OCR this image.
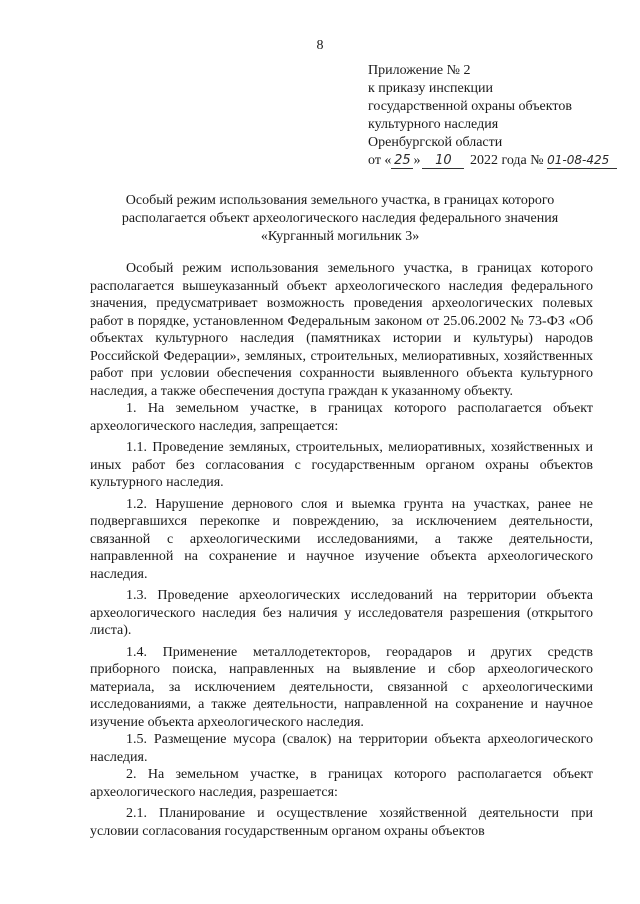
8
Приложение № 2
к приказу инспекции
государственной охраны объектов
культурного наследия
Оренбургской области
от « 25 » 10 2022 года № 01-08-425
Особый режим использования земельного участка, в границах которого располагается объект археологического наследия федерального значения «Курганный могильник 3»

Особый режим использования земельного участка, в границах которого располагается вышеуказанный объект археологического наследия федерального значения, предусматривает возможность проведения археологических полевых работ в порядке, установленном Федеральным законом от 25.06.2002 № 73-ФЗ «Об объектах культурного наследия (памятниках истории и культуры) народов Российской Федерации», земляных, строительных, мелиоративных, хозяйственных работ при условии обеспечения сохранности выявленного объекта культурного наследия, а также обеспечения доступа граждан к указанному объекту.

1. На земельном участке, в границах которого располагается объект археологического наследия, запрещается:

1.1. Проведение земляных, строительных, мелиоративных, хозяйственных и иных работ без согласования с государственным органом охраны объектов культурного наследия.

1.2. Нарушение дернового слоя и выемка грунта на участках, ранее не подвергавшихся перекопке и повреждению, за исключением деятельности, связанной с археологическими исследованиями, а также деятельности, направленной на сохранение и научное изучение объекта археологического наследия.

1.3. Проведение археологических исследований на территории объекта археологического наследия без наличия у исследователя разрешения (открытого листа).

1.4. Применение металлодетекторов, георадаров и других средств приборного поиска, направленных на выявление и сбор археологического материала, за исключением деятельности, связанной с археологическими исследованиями, а также деятельности, направленной на сохранение и научное изучение объекта археологического наследия.

1.5. Размещение мусора (свалок) на территории объекта археологического наследия.

2. На земельном участке, в границах которого располагается объект археологического наследия, разрешается:

2.1. Планирование и осуществление хозяйственной деятельности при условии согласования государственным органом охраны объектов
